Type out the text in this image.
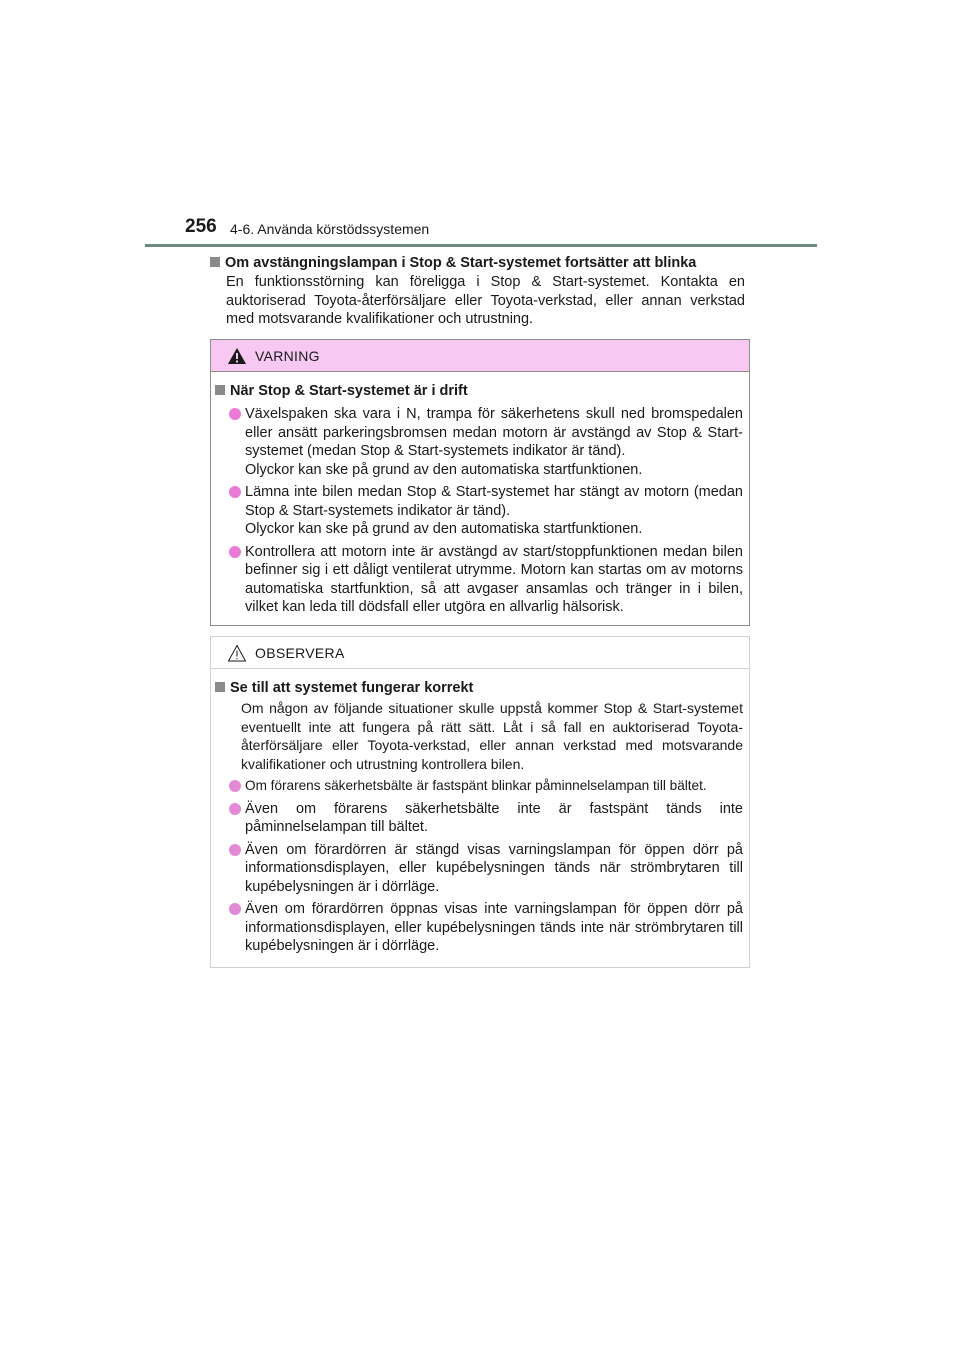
256 4-6. Använda körstödssystemen
Om avstängningslampan i Stop & Start-systemet fortsätter att blinka

En funktionsstörning kan föreligga i Stop & Start-systemet. Kontakta en auktoriserad Toyota-återförsäljare eller Toyota-verkstad, eller annan verkstad med motsvarande kvalifikationer och utrustning.

VARNING
När Stop & Start-systemet är i drift
Växelspaken ska vara i N, trampa för säkerhetens skull ned bromspedalen eller ansätt parkeringsbromsen medan motorn är avstängd av Stop & Start-systemet (medan Stop & Start-systemets indikator är tänd).
Olyckor kan ske på grund av den automatiska startfunktionen.
Lämna inte bilen medan Stop & Start-systemet har stängt av motorn (medan Stop & Start-systemets indikator är tänd).
Olyckor kan ske på grund av den automatiska startfunktionen.
Kontrollera att motorn inte är avstängd av start/stoppfunktionen medan bilen befinner sig i ett dåligt ventilerat utrymme. Motorn kan startas om av motorns automatiska startfunktion, så att avgaser ansamlas och tränger in i bilen, vilket kan leda till dödsfall eller utgöra en allvarlig hälsorisk.
OBSERVERA
Se till att systemet fungerar korrekt

Om någon av följande situationer skulle uppstå kommer Stop & Start-systemet eventuellt inte att fungera på rätt sätt. Låt i så fall en auktoriserad Toyota-återförsäljare eller Toyota-verkstad, eller annan verkstad med motsvarande kvalifikationer och utrustning kontrollera bilen.

Om förarens säkerhetsbälte är fastspänt blinkar påminnelselampan till bältet.
Även om förarens säkerhetsbälte inte är fastspänt tänds inte påminnelselampan till bältet.
Även om förardörren är stängd visas varningslampan för öppen dörr på informationsdisplayen, eller kupébelysningen tänds när strömbrytaren till kupébelysningen är i dörrläge.
Även om förardörren öppnas visas inte varningslampan för öppen dörr på informationsdisplayen, eller kupébelysningen tänds inte när strömbrytaren till kupébelysningen är i dörrläge.
